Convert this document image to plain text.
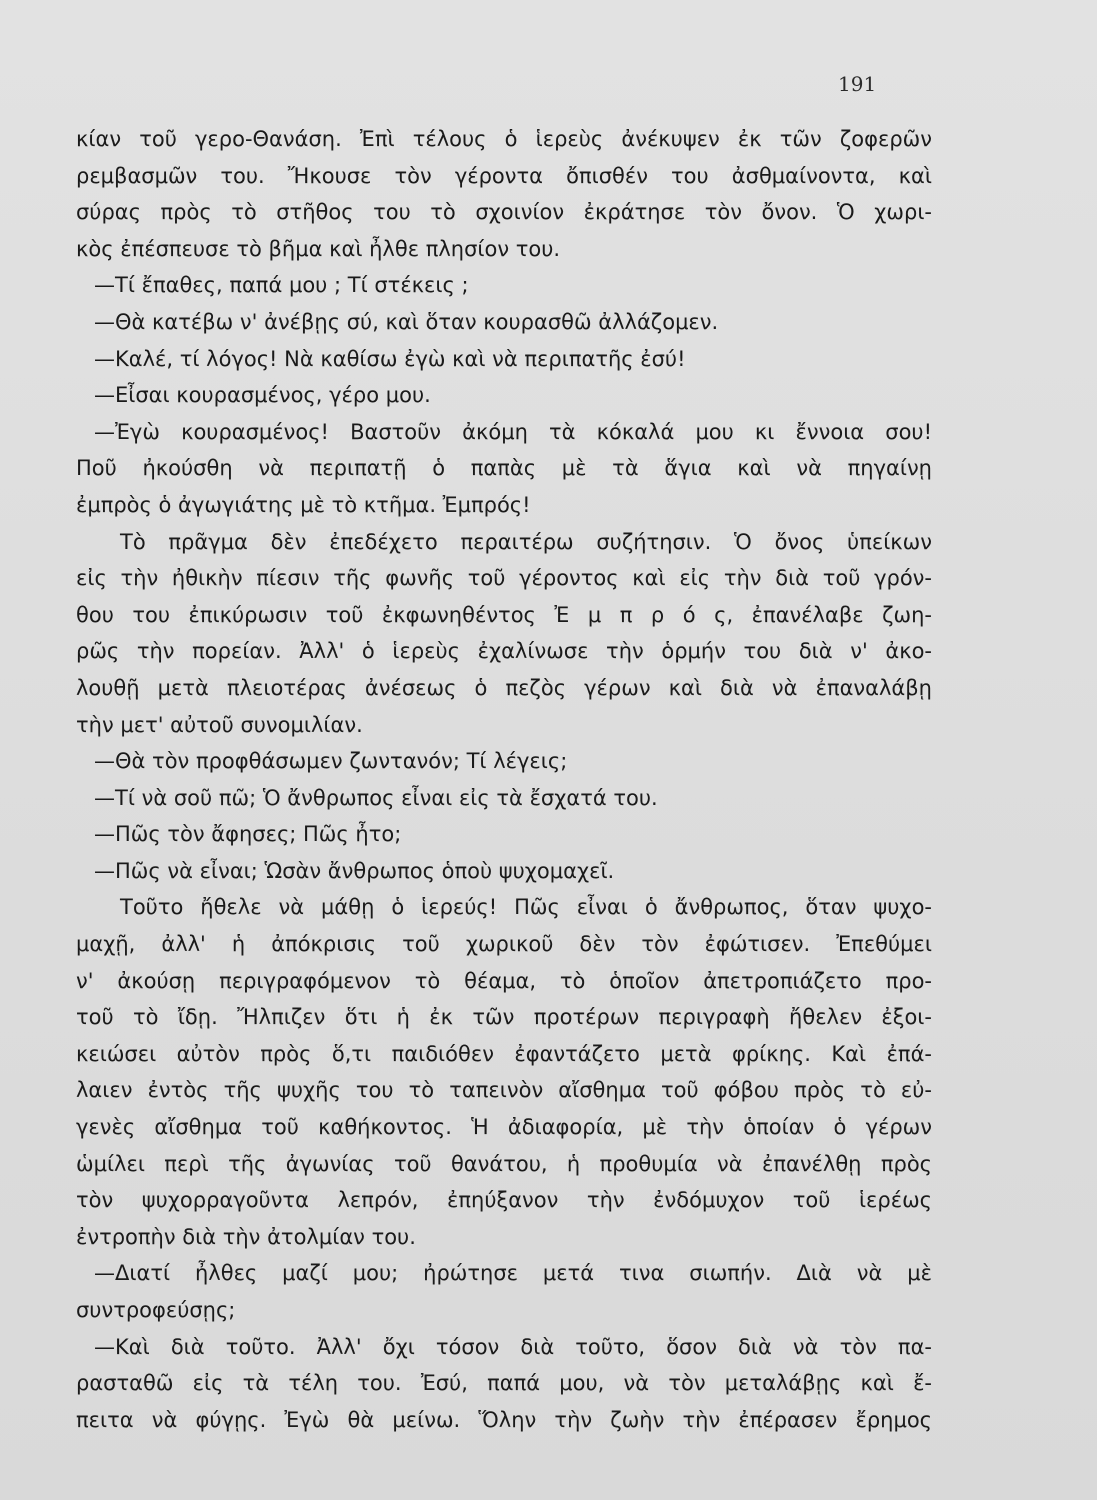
191
κίαν τοῦ γερο-Θανάση. Ἐπὶ τέλους ὁ ἱερεὺς ἀνέκυψεν ἐκ τῶν ζοφερῶν
ρεμβασμῶν του. Ἤκουσε τὸν γέροντα ὄπισθέν του ἀσθμαίνοντα, καὶ
σύρας πρὸς τὸ στῆθος του τὸ σχοινίον ἐκράτησε τὸν ὄνον. Ὁ χωρι-
κὸς ἐπέσπευσε τὸ βῆμα καὶ ἦλθε πλησίον του.
—Τί ἔπαθες, παπά μου ; Τί στέκεις ;
—Θὰ κατέβω ν' ἀνέβῃς σύ, καὶ ὅταν κουρασθῶ ἀλλάζομεν.
—Καλέ, τί λόγος! Νὰ καθίσω ἐγὼ καὶ νὰ περιπατῆς ἐσύ!
—Εἶσαι κουρασμένος, γέρο μου.
—Ἐγὼ κουρασμένος! Βαστοῦν ἀκόμη τὰ κόκαλά μου κι ἔννοια σου!
Ποῦ ἠκούσθη νὰ περιπατῇ ὁ παπὰς μὲ τὰ ἅγια καὶ νὰ πηγαίνῃ
ἐμπρὸς ὁ ἀγωγιάτης μὲ τὸ κτῆμα. Ἐμπρός!
Τὸ πρᾶγμα δὲν ἐπεδέχετο περαιτέρω συζήτησιν. Ὁ ὄνος ὑπείκων
εἰς τὴν ἠθικὴν πίεσιν τῆς φωνῆς τοῦ γέροντος καὶ εἰς τὴν διὰ τοῦ γρόν-
θου του ἐπικύρωσιν τοῦ ἐκφωνηθέντος Ἐ μ π ρ ό ς, ἐπανέλαβε ζωη-
ρῶς τὴν πορείαν. Ἀλλ' ὁ ἱερεὺς ἐχαλίνωσε τὴν ὁρμήν του διὰ ν' ἀκο-
λουθῇ μετὰ πλειοτέρας ἀνέσεως ὁ πεζὸς γέρων καὶ διὰ νὰ ἐπαναλάβῃ
τὴν μετ' αὐτοῦ συνομιλίαν.
—Θὰ τὸν προφθάσωμεν ζωντανόν; Τί λέγεις;
—Τί νὰ σοῦ πῶ; Ὁ ἄνθρωπος εἶναι εἰς τὰ ἔσχατά του.
—Πῶς τὸν ἄφησες; Πῶς ἦτο;
—Πῶς νὰ εἶναι; Ὡσὰν ἄνθρωπος ὁποὺ ψυχομαχεῖ.
Τοῦτο ἤθελε νὰ μάθῃ ὁ ἱερεύς! Πῶς εἶναι ὁ ἄνθρωπος, ὅταν ψυχο-
μαχῇ, ἀλλ' ἡ ἀπόκρισις τοῦ χωρικοῦ δὲν τὸν ἐφώτισεν. Ἐπεθύμει
ν' ἀκούσῃ περιγραφόμενον τὸ θέαμα, τὸ ὁποῖον ἀπετροπιάζετο προ-
τοῦ τὸ ἴδῃ. Ἤλπιζεν ὅτι ἡ ἐκ τῶν προτέρων περιγραφὴ ἤθελεν ἐξοι-
κειώσει αὐτὸν πρὸς ὅ,τι παιδιόθεν ἐφαντάζετο μετὰ φρίκης. Καὶ ἐπά-
λαιεν ἐντὸς τῆς ψυχῆς του τὸ ταπεινὸν αἴσθημα τοῦ φόβου πρὸς τὸ εὐ-
γενὲς αἴσθημα τοῦ καθήκοντος. Ἡ ἀδιαφορία, μὲ τὴν ὁποίαν ὁ γέρων
ὡμίλει περὶ τῆς ἀγωνίας τοῦ θανάτου, ἡ προθυμία νὰ ἐπανέλθῃ πρὸς
τὸν ψυχορραγοῦντα λεπρόν, ἐπηύξανον τὴν ἐνδόμυχον τοῦ ἱερέως
ἐντροπὴν διὰ τὴν ἀτολμίαν του.
—Διατί ἦλθες μαζί μου; ἠρώτησε μετά τινα σιωπήν. Διὰ νὰ μὲ
συντροφεύσῃς;
—Καὶ διὰ τοῦτο. Ἀλλ' ὄχι τόσον διὰ τοῦτο, ὅσον διὰ νὰ τὸν πα-
ρασταθῶ εἰς τὰ τέλη του. Ἐσύ, παπά μου, νὰ τὸν μεταλάβῃς καὶ ἔ-
πειτα νὰ φύγῃς. Ἐγὼ θὰ μείνω. Ὅλην τὴν ζωὴν τὴν ἐπέρασεν ἔρημος
